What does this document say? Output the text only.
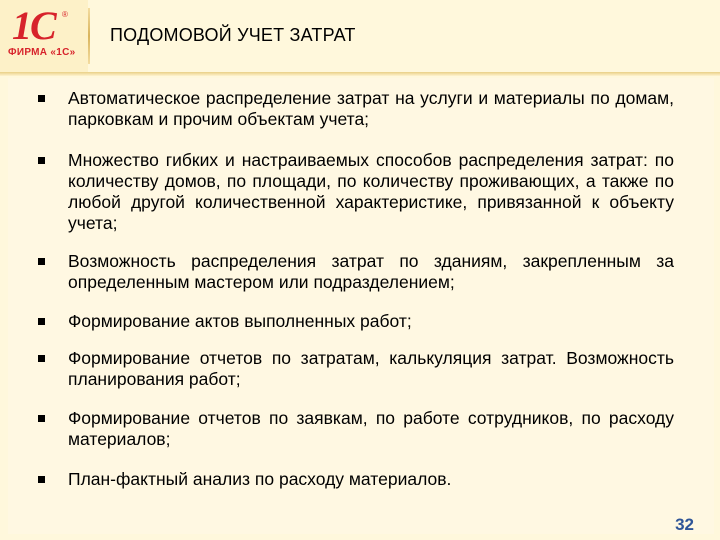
1С ®
ФИРМА «1С»
ПОДОМОВОЙ УЧЕТ ЗАТРАТ
Автоматическое распределение затрат на услуги и материалы по домам, парковкам и прочим объектам учета;
Множество гибких и настраиваемых способов распределения затрат: по количеству домов, по площади, по количеству проживающих, а также по любой другой количественной характеристике, привязанной к объекту учета;
Возможность распределения затрат по зданиям, закрепленным за определенным мастером или подразделением;
Формирование актов выполненных работ;
Формирование отчетов по затратам, калькуляция затрат. Возможность планирования работ;
Формирование отчетов по заявкам, по работе сотрудников, по расходу материалов;
План-фактный анализ по расходу материалов.
32
